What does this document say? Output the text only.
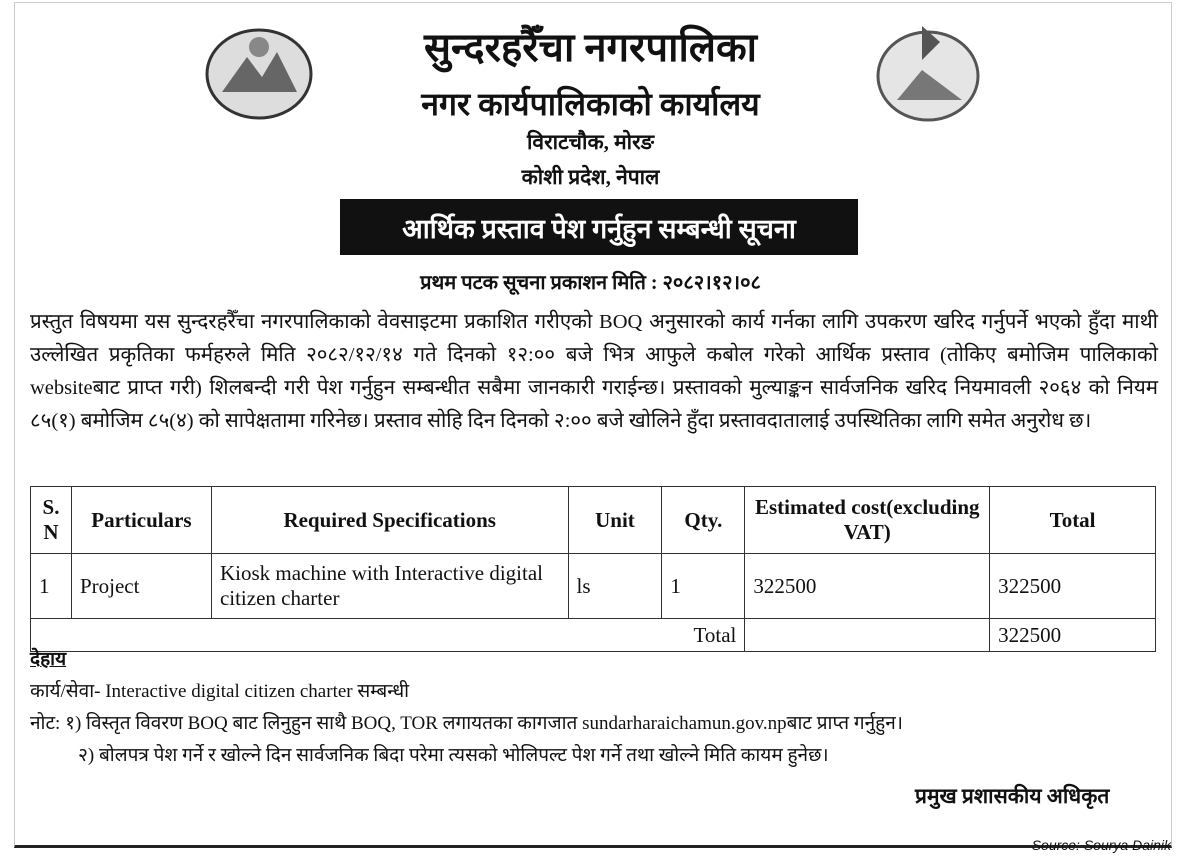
सुन्दरहरैँचा नगरपालिका
नगर कार्यपालिकाको कार्यालय
विराटचौक, मोरङ
कोशी प्रदेश, नेपाल
आर्थिक प्रस्ताव पेश गर्नुहुन सम्बन्धी सूचना
प्रथम पटक सूचना प्रकाशन मिति : २०८२।१२।०८
प्रस्तुत विषयमा यस सुन्दरहरैँचा नगरपालिकाको वेवसाइटमा प्रकाशित गरीएको BOQ अनुसारको कार्य गर्नका लागि उपकरण खरिद गर्नुपर्ने भएको हुँदा माथी उल्लेखित प्रकृतिका फर्महरुले मिति २०८२/१२/१४ गते दिनको १२:०० बजे भित्र आफुले कबोल गरेको आर्थिक प्रस्ताव (तोकिए बमोजिम पालिकाको websiteबाट प्राप्त गरी) शिलबन्दी गरी पेश गर्नुहुन सम्बन्धीत सबैमा जानकारी गराईन्छ। प्रस्तावको मुल्याङ्कन सार्वजनिक खरिद नियमावली २०६४ को नियम ८५(१) बमोजिम ८५(४) को सापेक्षतामा गरिनेछ। प्रस्ताव सोहि दिन दिनको २:०० बजे खोलिने हुँदा प्रस्तावदातालाई उपस्थितिका लागि समेत अनुरोध छ।
S. N	Particulars	Required Specifications	Unit	Qty.	Estimated cost(excluding VAT)	Total
1	Project	Kiosk machine with Interactive digital citizen charter	ls	1	322500	322500
Total						322500
देहाय
कार्य/सेवा- Interactive digital citizen charter सम्बन्धी
नोट: १) विस्तृत विवरण BOQ बाट लिनुहुन साथै BOQ, TOR लगायतका कागजात sundarharaichamun.gov.npबाट प्राप्त गर्नुहुन।
२) बोलपत्र पेश गर्ने र खोल्ने दिन सार्वजनिक बिदा परेमा त्यसको भोलिपल्ट पेश गर्ने तथा खोल्ने मिति कायम हुनेछ।
प्रमुख प्रशासकीय अधिकृत
Source: Sourya Dainik
